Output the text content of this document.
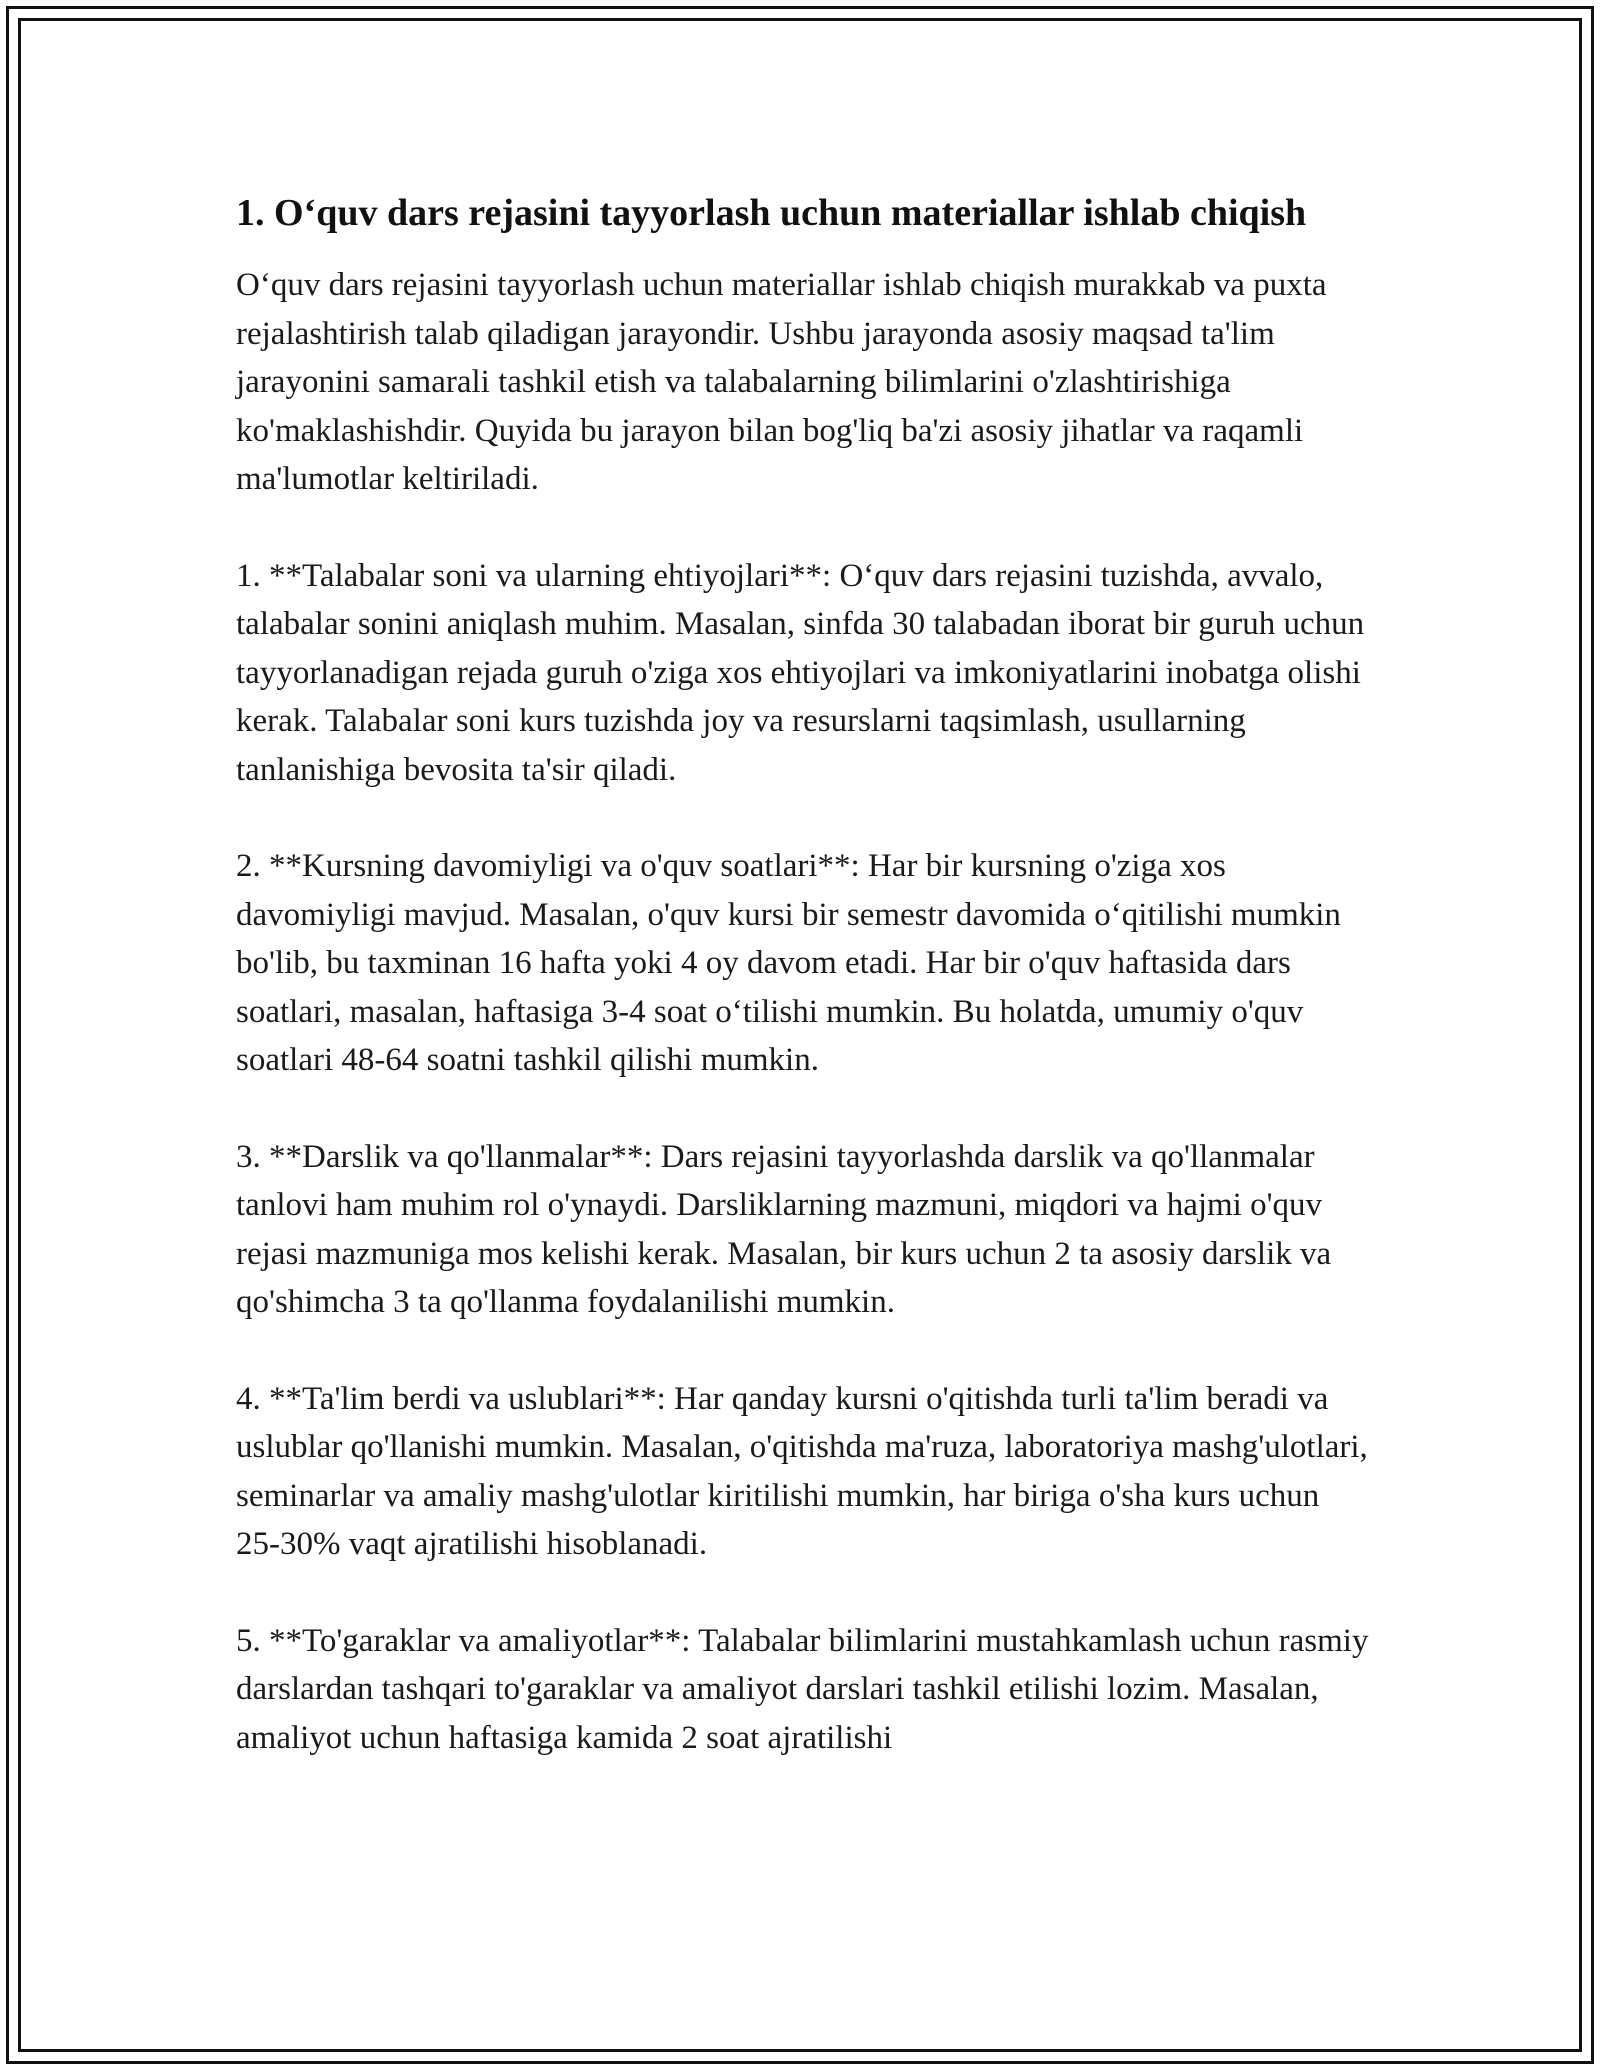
1. O‘quv dars rejasini tayyorlash uchun materiallar ishlab chiqish

O‘quv dars rejasini tayyorlash uchun materiallar ishlab chiqish murakkab va puxta rejalashtirish talab qiladigan jarayondir. Ushbu jarayonda asosiy maqsad ta'lim jarayonini samarali tashkil etish va talabalarning bilimlarini o'zlashtirishiga ko'maklashishdir. Quyida bu jarayon bilan bog'liq ba'zi asosiy jihatlar va raqamli ma'lumotlar keltiriladi.

1. **Talabalar soni va ularning ehtiyojlari**: O‘quv dars rejasini tuzishda, avvalo, talabalar sonini aniqlash muhim. Masalan, sinfda 30 talabadan iborat bir guruh uchun tayyorlanadigan rejada guruh o'ziga xos ehtiyojlari va imkoniyatlarini inobatga olishi kerak. Talabalar soni kurs tuzishda joy va resurslarni taqsimlash, usullarning tanlanishiga bevosita ta'sir qiladi.

2. **Kursning davomiyligi va o'quv soatlari**: Har bir kursning o'ziga xos davomiyligi mavjud. Masalan, o'quv kursi bir semestr davomida o‘qitilishi mumkin bo'lib, bu taxminan 16 hafta yoki 4 oy davom etadi. Har bir o'quv haftasida dars soatlari, masalan, haftasiga 3-4 soat o‘tilishi mumkin. Bu holatda, umumiy o'quv soatlari 48-64 soatni tashkil qilishi mumkin.

3. **Darslik va qo'llanmalar**: Dars rejasini tayyorlashda darslik va qo'llanmalar tanlovi ham muhim rol o'ynaydi. Darsliklarning mazmuni, miqdori va hajmi o'quv rejasi mazmuniga mos kelishi kerak. Masalan, bir kurs uchun 2 ta asosiy darslik va qo'shimcha 3 ta qo'llanma foydalanilishi mumkin.

4. **Ta'lim berdi va uslublari**: Har qanday kursni o'qitishda turli ta'lim beradi va uslublar qo'llanishi mumkin. Masalan, o'qitishda ma'ruza, laboratoriya mashg'ulotlari, seminarlar va amaliy mashg'ulotlar kiritilishi mumkin, har biriga o'sha kurs uchun 25-30% vaqt ajratilishi hisoblanadi.

5. **To'garaklar va amaliyotlar**: Talabalar bilimlarini mustahkamlash uchun rasmiy darslardan tashqari to'garaklar va amaliyot darslari tashkil etilishi lozim. Masalan, amaliyot uchun haftasiga kamida 2 soat ajratilishi
